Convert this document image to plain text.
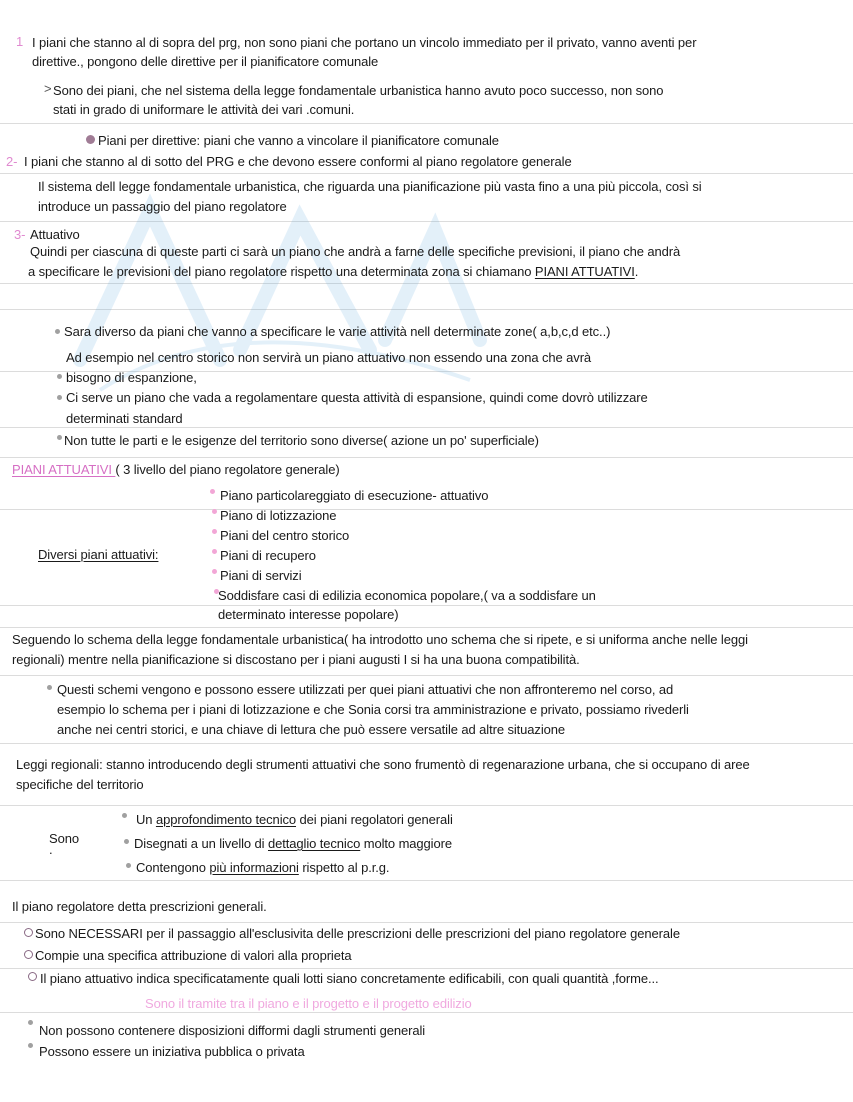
1 I piani che stanno al di sopra del prg, non sono piani che portano un vincolo immediato per il privato, vanno aventi per
direttive., pongono delle direttive per il pianificatore comunale
> Sono dei piani, che nel sistema della legge fondamentale urbanistica hanno avuto poco successo, non sono
stati in grado di uniformare le attività dei vari .comuni.
Piani per direttive: piani che vanno a vincolare il pianificatore comunale
2- I piani che stanno al di sotto del PRG e che devono essere conformi al piano regolatore generale
Il sistema dell legge fondamentale urbanistica, che riguarda una pianificazione più vasta fino a una più piccola, così si
introduce un passaggio del piano regolatore
3- Attuativo
Quindi per ciascuna di queste parti ci sarà un piano che andrà a farne delle specifiche previsioni, il piano che andrà
a specificare le previsioni del piano regolatore rispetto una determinata zona si chiamano PIANI ATTUATIVI.
Sara diverso da piani che vanno a specificare le varie attività nell determinate zone( a,b,c,d etc..)
Ad esempio nel centro storico non servirà un piano attuativo non essendo una zona che avrà
bisogno di espanzione,
Ci serve un piano che vada a regolamentare questa attività di espansione, quindi come dovrò utilizzare
determinati standard
Non tutte le parti e le esigenze del territorio sono diverse( azione un po' superficiale)
PIANI ATTUATIVI ( 3 livello del piano regolatore generale)
Piano particolareggiato di esecuzione- attuativo
Piano di lotizzazione
Piani del centro storico
Diversi piani attuativi:	Piani di recupero
Piani di servizi
Soddisfare casi di edilizia economica popolare,( va a soddisfare un
determinato interesse popolare)
Seguendo lo schema della legge fondamentale urbanistica( ha introdotto uno schema che si ripete, e si uniforma anche nelle leggi
regionali) mentre nella pianificazione si discostano per i piani augusti I si ha una buona compatibilità.
Questi schemi vengono e possono essere utilizzati per quei piani attuativi che non affronteremo nel corso, ad
esempio lo schema per i piani di lotizzazione e che Sonia corsi tra amministrazione e privato, possiamo rivederli
anche nei centri storici, e una chiave di lettura che può essere versatile ad altre situazione
Leggi regionali: stanno introducendo degli strumenti attuativi che sono frumentò di regenarazione urbana, che si occupano di aree
specifiche del territorio
Un approfondimento tecnico dei piani regolatori generali
Sono
.	Disegnati a un livello di dettaglio tecnico molto maggiore
Contengono più informazioni rispetto al p.r.g.
Il piano regolatore detta prescrizioni generali.
Sono NECESSARI per il passaggio all'esclusivita delle prescrizioni delle prescrizioni del piano regolatore generale
Compie una specifica attribuzione di valori alla proprieta
Il piano attuativo indica specificatamente quali lotti siano concretamente edificabili, con quali quantità ,forme...
Sono il tramite tra il piano e il progetto e il progetto edilizio
Non possono contenere disposizioni difformi dagli strumenti generali
Possono essere un iniziativa pubblica o privata
